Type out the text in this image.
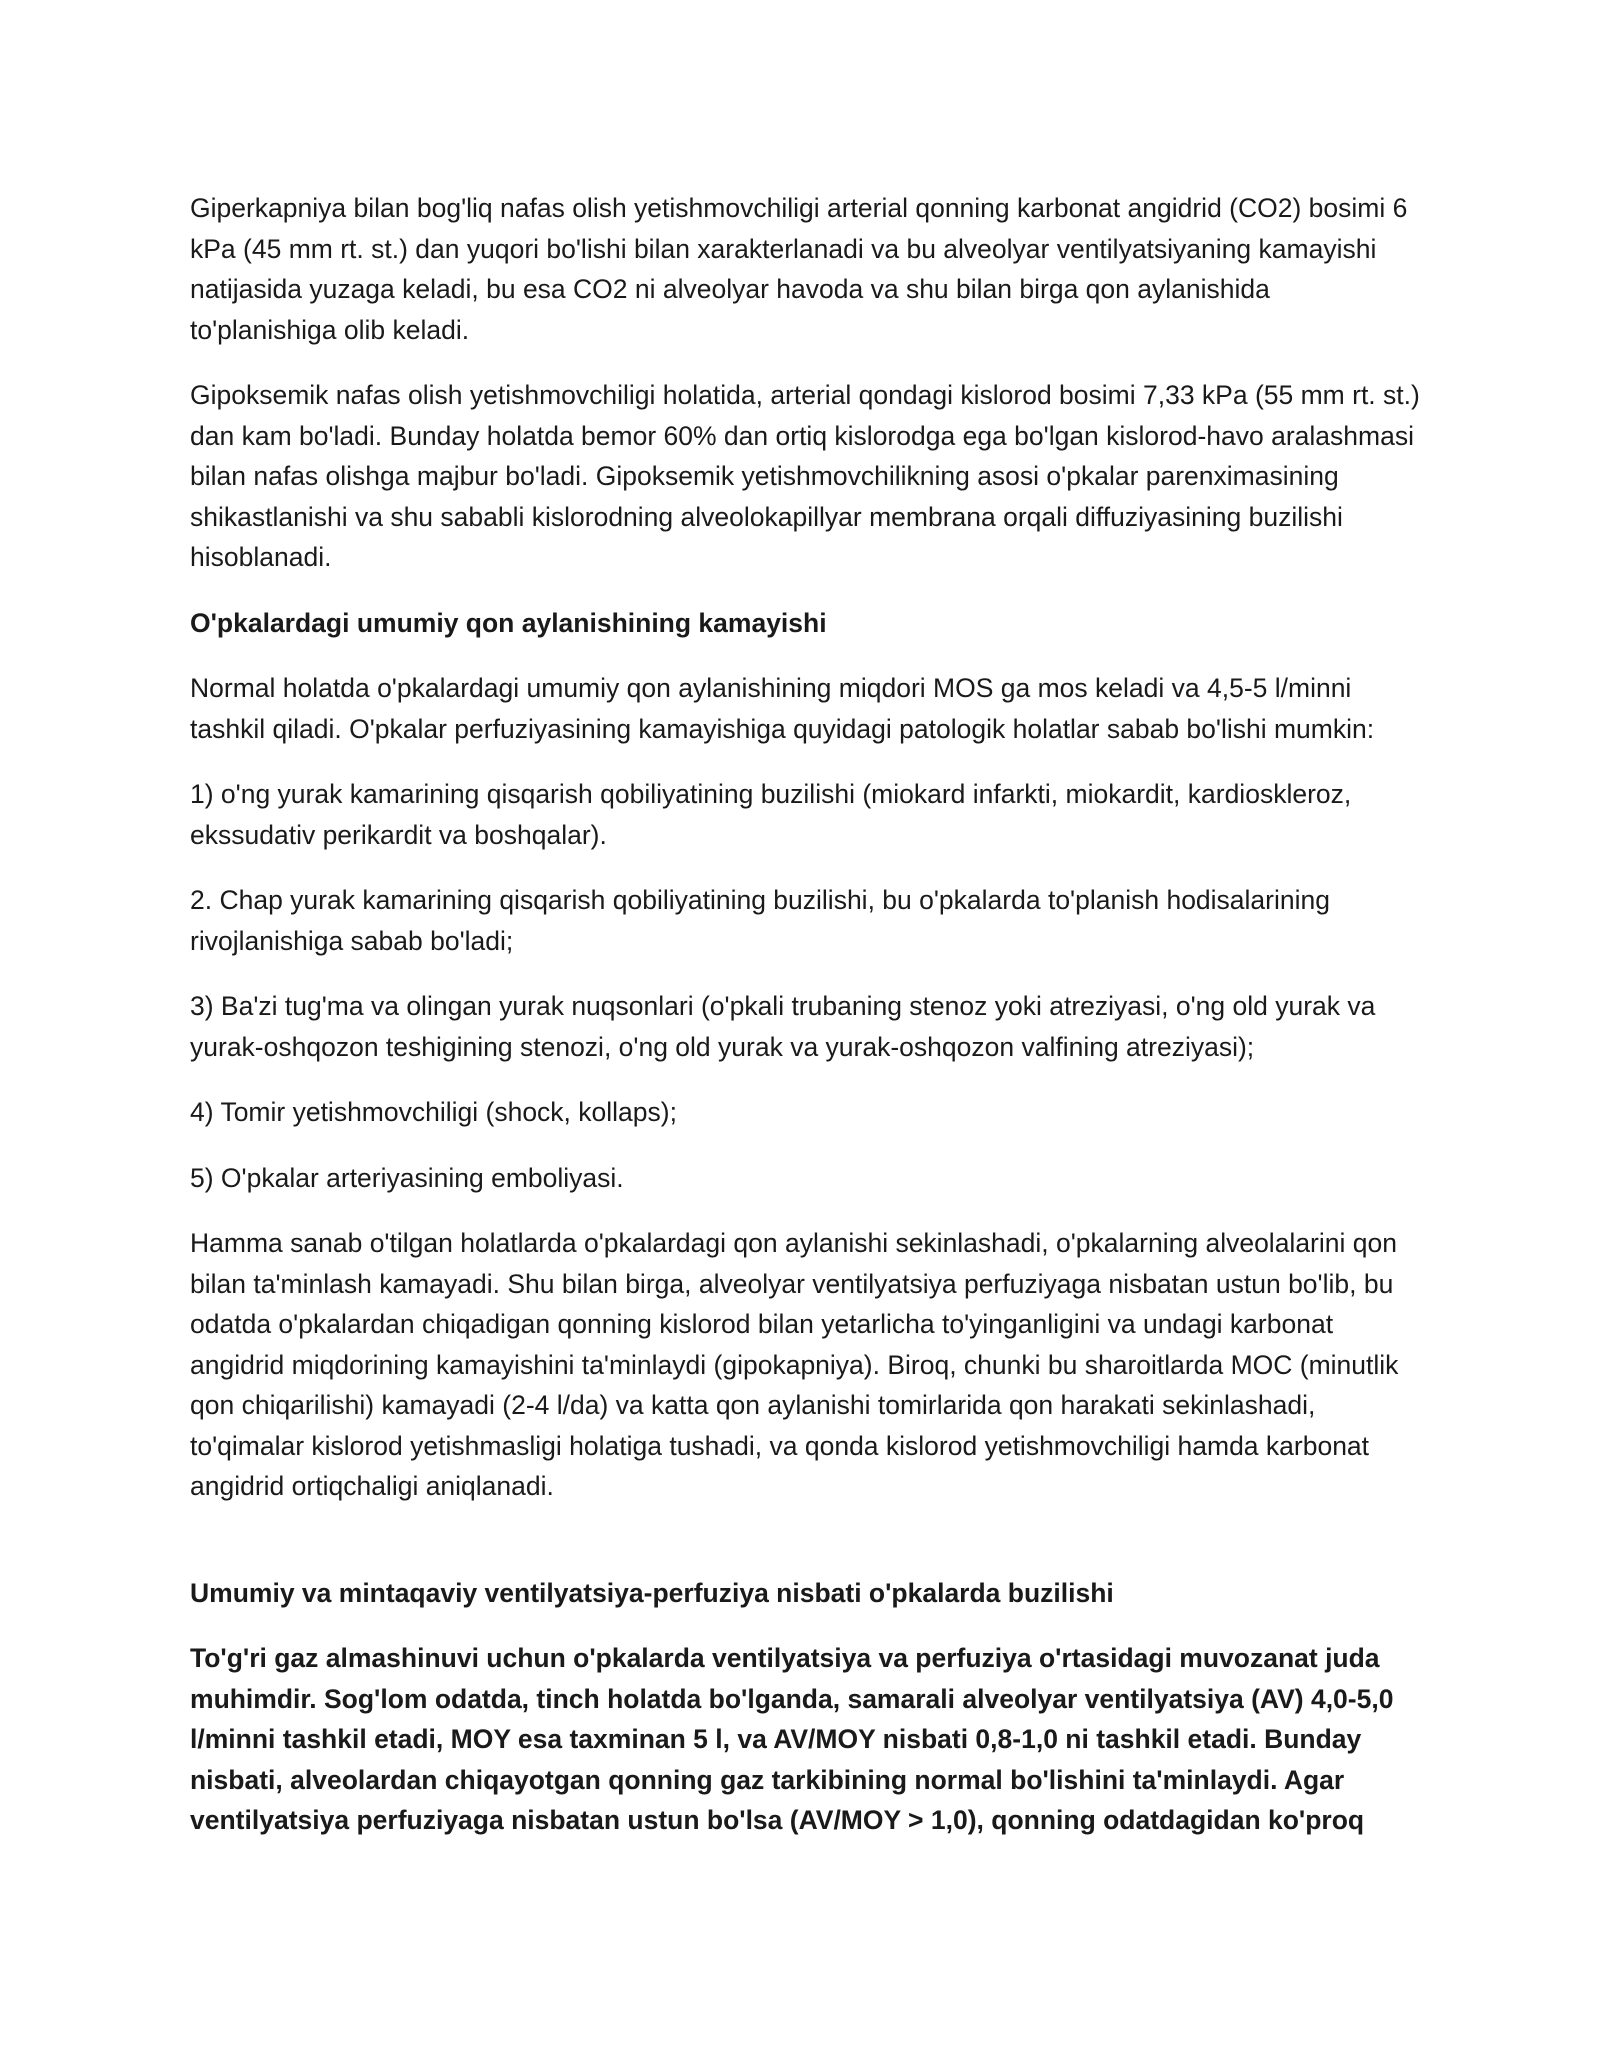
Giperkapniya bilan bog'liq nafas olish yetishmovchiligi arterial qonning karbonat angidrid (CO2) bosimi 6 kPa (45 mm rt. st.) dan yuqori bo'lishi bilan xarakterlanadi va bu alveolyar ventilyatsiyaning kamayishi natijasida yuzaga keladi, bu esa CO2 ni alveolyar havoda va shu bilan birga qon aylanishida to'planishiga olib keladi.

Gipoksemik nafas olish yetishmovchiligi holatida, arterial qondagi kislorod bosimi 7,33 kPa (55 mm rt. st.) dan kam bo'ladi. Bunday holatda bemor 60% dan ortiq kislorodga ega bo'lgan kislorod-havo aralashmasi bilan nafas olishga majbur bo'ladi. Gipoksemik yetishmovchilikning asosi o'pkalar parenximasining shikastlanishi va shu sababli kislorodning alveolokapillyar membrana orqali diffuziyasining buzilishi hisoblanadi.

O'pkalardagi umumiy qon aylanishining kamayishi

Normal holatda o'pkalardagi umumiy qon aylanishining miqdori MOS ga mos keladi va 4,5-5 l/minni tashkil qiladi. O'pkalar perfuziyasining kamayishiga quyidagi patologik holatlar sabab bo'lishi mumkin:

1) o'ng yurak kamarining qisqarish qobiliyatining buzilishi (miokard infarkti, miokardit, kardioskleroz, ekssudativ perikardit va boshqalar).

2. Chap yurak kamarining qisqarish qobiliyatining buzilishi, bu o'pkalarda to'planish hodisalarining rivojlanishiga sabab bo'ladi;

3) Ba'zi tug'ma va olingan yurak nuqsonlari (o'pkali trubaning stenoz yoki atreziyasi, o'ng old yurak va yurak-oshqozon teshigining stenozi, o'ng old yurak va yurak-oshqozon valfining atreziyasi);

4) Tomir yetishmovchiligi (shock, kollaps);

5) O'pkalar arteriyasining emboliyasi.

Hamma sanab o'tilgan holatlarda o'pkalardagi qon aylanishi sekinlashadi, o'pkalarning alveolalarini qon bilan ta'minlash kamayadi. Shu bilan birga, alveolyar ventilyatsiya perfuziyaga nisbatan ustun bo'lib, bu odatda o'pkalardan chiqadigan qonning kislorod bilan yetarlicha to'yinganligini va undagi karbonat angidrid miqdorining kamayishini ta'minlaydi (gipokapniya). Biroq, chunki bu sharoitlarda MOC (minutlik qon chiqarilishi) kamayadi (2-4 l/da) va katta qon aylanishi tomirlarida qon harakati sekinlashadi, to'qimalar kislorod yetishmasligi holatiga tushadi, va qonda kislorod yetishmovchiligi hamda karbonat angidrid ortiqchaligi aniqlanadi.

Umumiy va mintaqaviy ventilyatsiya-perfuziya nisbati o'pkalarda buzilishi

To'g'ri gaz almashinuvi uchun o'pkalarda ventilyatsiya va perfuziya o'rtasidagi muvozanat juda muhimdir. Sog'lom odatda, tinch holatda bo'lganda, samarali alveolyar ventilyatsiya (AV) 4,0-5,0 l/minni tashkil etadi, MOY esa taxminan 5 l, va AV/MOY nisbati 0,8-1,0 ni tashkil etadi. Bunday nisbati, alveolardan chiqayotgan qonning gaz tarkibining normal bo'lishini ta'minlaydi. Agar ventilyatsiya perfuziyaga nisbatan ustun bo'lsa (AV/MOY > 1,0), qonning odatdagidan ko'proq
